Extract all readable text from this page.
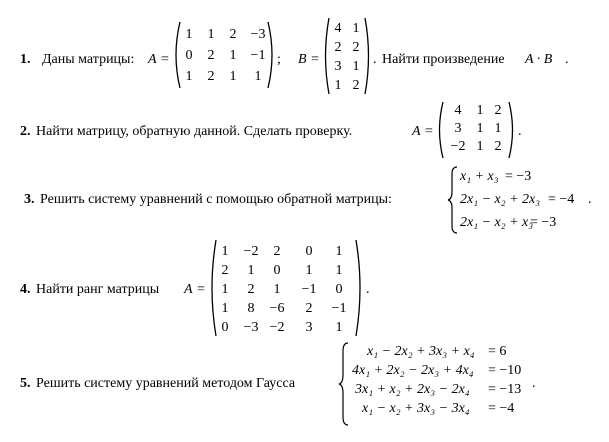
1. Даны матрицы: A =
1	1	2	−3
0	2	1	−1
1	2	1	1
; B =
4 1
2 2
3 1
1 2
. Найти произведение A · B .
2. Найти матрицу, обратную данной. Сделать проверку.	A =
4	1 2
3	1 1
−2 1 2
.
3. Решить систему уравнений с помощью обратной матрицы:
x₁ + x₃ = −3
2x₁ − x₂ + 2x₃ = −4
2x₁ − x₂ + x₃
= −3
.
4. Найти ранг матрицы A =
1	−2	2	0	1
2	1	0	1	1
1	2	1	−1	0
1	8	−6	2	−1
0	−3 −2	3	1
.
5. Решить систему уравнений методом Гаусса
x₁ − 2x₂ + 3x₃ + x₄ = 6
4x₁ + 2x₂ − 2x₃ + 4x₄ = −10
3x₁ + x₂ + 2x₃ − 2x₄ = −13
x₁ − x₂ + 3x₃ − 3x₄ = −4
.
